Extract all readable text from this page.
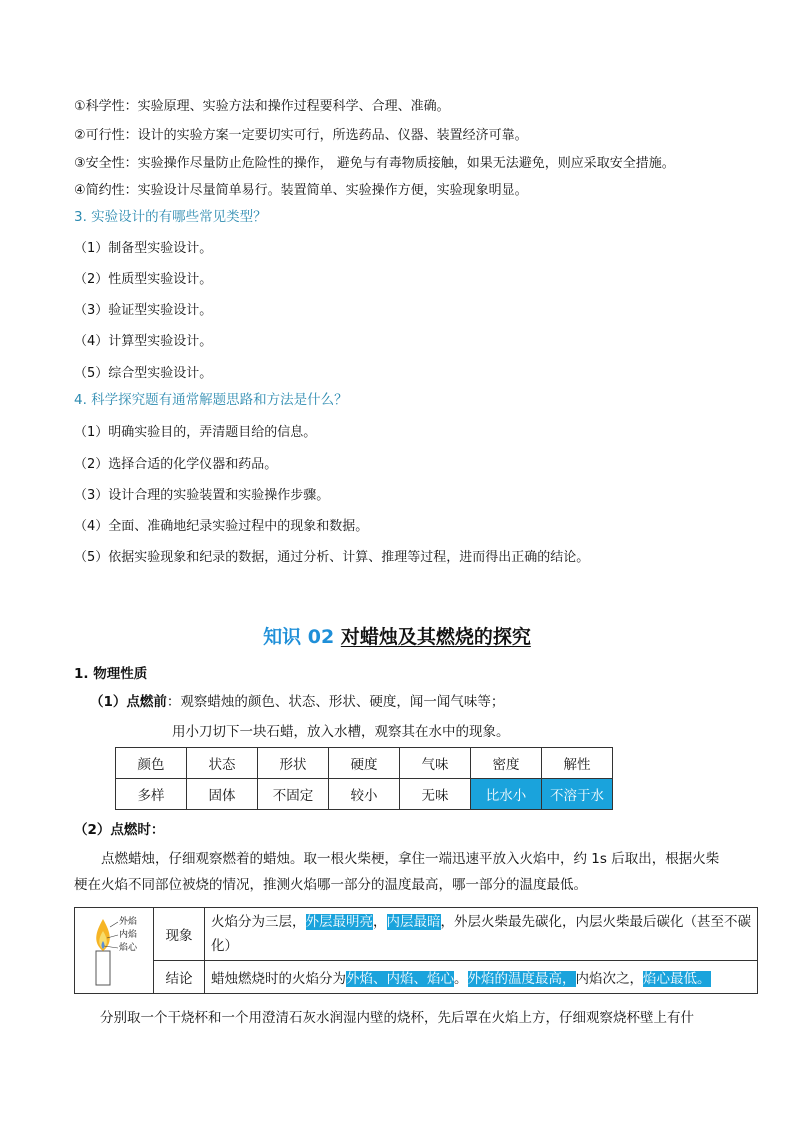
①科学性：实验原理、实验方法和操作过程要科学、合理、准确。
②可行性：设计的实验方案一定要切实可行，所选药品、仪器、装置经济可靠。
③安全性：实验操作尽量防止危险性的操作， 避免与有毒物质接触，如果无法避免，则应采取安全措施。
④简约性：实验设计尽量简单易行。装置简单、实验操作方便，实验现象明显。
3. 实验设计的有哪些常见类型？
（1）制备型实验设计。
（2）性质型实验设计。
（3）验证型实验设计。
（4）计算型实验设计。
（5）综合型实验设计。
4. 科学探究题有通常解题思路和方法是什么？
（1）明确实验目的，弄清题目给的信息。
（2）选择合适的化学仪器和药品。
（3）设计合理的实验装置和实验操作步骤。
（4）全面、准确地纪录实验过程中的现象和数据。
（5）依据实验现象和纪录的数据，通过分析、计算、推理等过程，进而得出正确的结论。
知识 02 对蜡烛及其燃烧的探究
1. 物理性质
（1）点燃前：观察蜡烛的颜色、状态、形状、硬度，闻一闻气味等；
用小刀切下一块石蜡，放入水槽，观察其在水中的现象。
颜色	状态	形状	硬度	气味	密度	解性
多样	固体	不固定	较小	无味	比水小	不溶于水
（2）点燃时：
点燃蜡烛，仔细观察燃着的蜡烛。取一根火柴梗，拿住一端迅速平放入火焰中，约 1s 后取出，根据火柴梗在火焰不同部位被烧的情况，推测火焰哪一部分的温度最高，哪一部分的温度最低。
外焰
内焰
焰心	现象	火焰分为三层，外层最明亮，内层最暗，外层火柴最先碳化，内层火柴最后碳化（甚至不碳化）
	结论	蜡烛燃烧时的火焰分为外焰、内焰、焰心。外焰的温度最高，内焰次之，焰心最低。
分别取一个干烧杯和一个用澄清石灰水润湿内壁的烧杯，先后罩在火焰上方，仔细观察烧杯壁上有什
